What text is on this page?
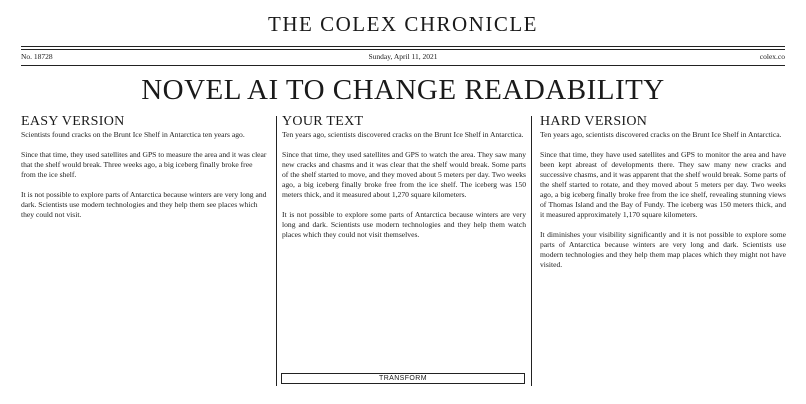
THE COLEX CHRONICLE
No. 18728	Sunday, April 11, 2021	colex.co
NOVEL AI TO CHANGE READABILITY
EASY VERSION

Scientists found cracks on the Brunt Ice Shelf in Antarctica ten years ago.

Since that time, they used satellites and GPS to measure the area and it was clear that the shelf would break. Three weeks ago, a big iceberg finally broke free from the ice shelf.

It is not possible to explore parts of Antarctica because winters are very long and dark. Scientists use modern technologies and they help them see places which they could not visit.

YOUR TEXT

Ten years ago, scientists discovered cracks on the Brunt Ice Shelf in Antarctica.

Since that time, they used satellites and GPS to watch the area. They saw many new cracks and chasms and it was clear that the shelf would break. Some parts of the shelf started to move, and they moved about 5 meters per day. Two weeks ago, a big iceberg finally broke free from the ice shelf. The iceberg was 150 meters thick, and it measured about 1,270 square kilometers.

It is not possible to explore some parts of Antarctica because winters are very long and dark. Scientists use modern technologies and they help them watch places which they could not visit themselves.

HARD VERSION

Ten years ago, scientists discovered cracks on the Brunt Ice Shelf in Antarctica.

Since that time, they have used satellites and GPS to monitor the area and have been kept abreast of developments there. They saw many new cracks and successive chasms, and it was apparent that the shelf would break. Some parts of the shelf started to rotate, and they moved about 5 meters per day. Two weeks ago, a big iceberg finally broke free from the ice shelf, revealing stunning views of Thomas Island and the Bay of Fundy. The iceberg was 150 meters thick, and it measured approximately 1,170 square kilometers.

It diminishes your visibility significantly and it is not possible to explore some parts of Antarctica because winters are very long and dark. Scientists use modern technologies and they help them map places which they might not have visited.

TRANSFORM
